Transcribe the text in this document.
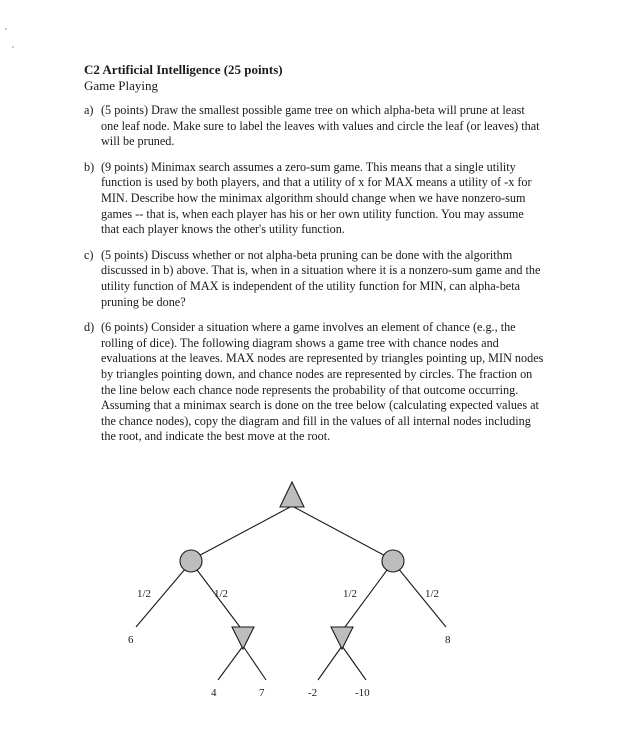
C2 Artificial Intelligence (25 points)

Game Playing

a) (5 points) Draw the smallest possible game tree on which alpha-beta will prune at least one leaf node. Make sure to label the leaves with values and circle the leaf (or leaves) that will be pruned.
b) (9 points) Minimax search assumes a zero-sum game. This means that a single utility function is used by both players, and that a utility of x for MAX means a utility of -x for MIN. Describe how the minimax algorithm should change when we have nonzero-sum games -- that is, when each player has his or her own utility function. You may assume that each player knows the other's utility function.
c) (5 points) Discuss whether or not alpha-beta pruning can be done with the algorithm discussed in b) above. That is, when in a situation where it is a nonzero-sum game and the utility function of MAX is independent of the utility function for MIN, can alpha-beta pruning be done?
d) (6 points) Consider a situation where a game involves an element of chance (e.g., the rolling of dice). The following diagram shows a game tree with chance nodes and evaluations at the leaves. MAX nodes are represented by triangles pointing up, MIN nodes by triangles pointing down, and chance nodes are represented by circles. The fraction on the line below each chance node represents the probability of that outcome occurring. Assuming that a minimax search is done on the tree below (calculating expected values at the chance nodes), copy the diagram and fill in the values of all internal nodes including the root, and indicate the best move at the root.
1/2	1/2	1/2	1/2
6
4	7	-2	-10
8
